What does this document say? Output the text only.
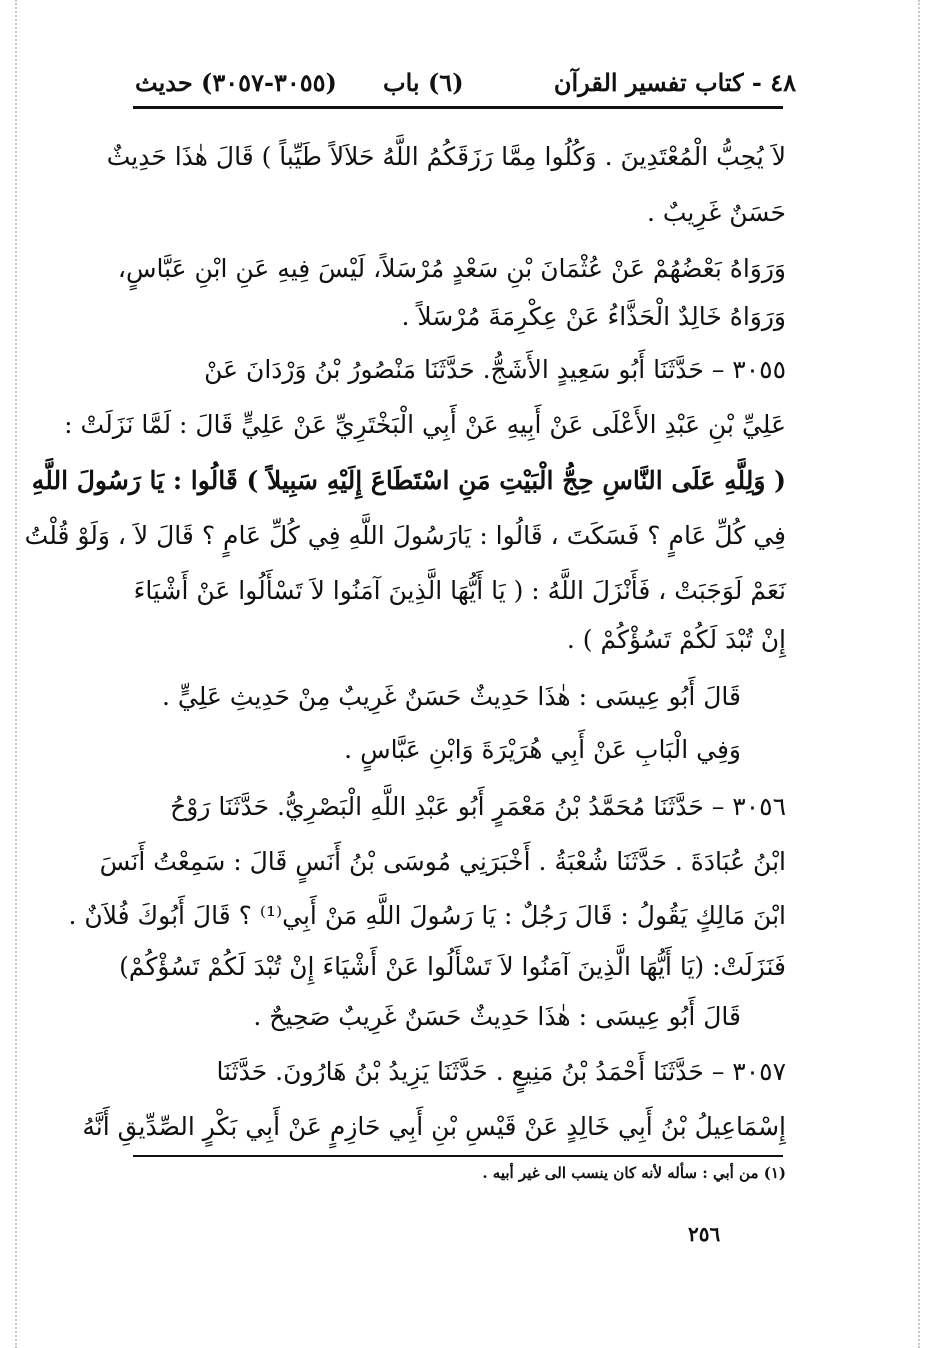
٤٨ - كتاب تفسير القرآن
(٦) باب
(٣٠٥٥-٣٠٥٧) حديث
لاَ يُحِبُّ الْمُعْتَدِينَ . وَكُلُوا مِمَّا رَزَقَكُمُ اللَّهُ حَلاَلاً طَيِّباً ) قَالَ هٰذَا حَدِيثٌ
حَسَنٌ غَرِيبٌ .
وَرَوَاهُ بَعْضُهُمْ عَنْ عُثْمَانَ بْنِ سَعْدٍ مُرْسَلاً، لَيْسَ فِيهِ عَنِ ابْنِ عَبَّاسٍ،
وَرَوَاهُ خَالِدٌ الْحَذَّاءُ عَنْ عِكْرِمَةَ مُرْسَلاً .
٣٠٥٥ – حَدَّثَنَا أَبُو سَعِيدٍ الأَشَجُّ. حَدَّثَنَا مَنْصُورُ بْنُ وَرْدَانَ عَنْ
عَلِيِّ بْنِ عَبْدِ الأَعْلَى عَنْ أَبِيهِ عَنْ أَبِي الْبَخْتَرِيِّ عَنْ عَلِيٍّ قَالَ : لَمَّا نَزَلَتْ :
( وَلِلَّهِ عَلَى النَّاسِ حِجُّ الْبَيْتِ مَنِ اسْتَطَاعَ إِلَيْهِ سَبِيلاً ) قَالُوا : يَا رَسُولَ اللَّهِ
فِي كُلِّ عَامٍ ؟ فَسَكَتَ ، قَالُوا : يَارَسُولَ اللَّهِ فِي كُلِّ عَامٍ ؟ قَالَ لاَ ، وَلَوْ قُلْتُ
نَعَمْ لَوَجَبَتْ ، فَأَنْزَلَ اللَّهُ : ( يَا أَيُّهَا الَّذِينَ آمَنُوا لاَ تَسْأَلُوا عَنْ أَشْيَاءَ
إِنْ تُبْدَ لَكُمْ تَسُؤْكُمْ ) .
قَالَ أَبُو عِيسَى : هٰذَا حَدِيثٌ حَسَنٌ غَرِيبٌ مِنْ حَدِيثِ عَلِيٍّ .
وَفِي الْبَابِ عَنْ أَبِي هُرَيْرَةَ وَابْنِ عَبَّاسٍ .
٣٠٥٦ – حَدَّثَنَا مُحَمَّدُ بْنُ مَعْمَرٍ أَبُو عَبْدِ اللَّهِ الْبَصْرِيُّ. حَدَّثَنَا رَوْحُ
ابْنُ عُبَادَةَ . حَدَّثَنَا شُعْبَةُ . أَخْبَرَنِي مُوسَى بْنُ أَنَسٍ قَالَ : سَمِعْتُ أَنَسَ
ابْنَ مَالِكٍ يَقُولُ : قَالَ رَجُلٌ : يَا رَسُولَ اللَّهِ مَنْ أَبِي⁽¹⁾ ؟ قَالَ أَبُوكَ فُلاَنٌ .
فَنَزَلَتْ: (يَا أَيُّهَا الَّذِينَ آمَنُوا لاَ تَسْأَلُوا عَنْ أَشْيَاءَ إِنْ تُبْدَ لَكُمْ تَسُؤْكُمْ)
قَالَ أَبُو عِيسَى : هٰذَا حَدِيثٌ حَسَنٌ غَرِيبٌ صَحِيحٌ .
٣٠٥٧ – حَدَّثَنَا أَحْمَدُ بْنُ مَنِيعٍ . حَدَّثَنَا يَزِيدُ بْنُ هَارُونَ. حَدَّثَنَا
إِسْمَاعِيلُ بْنُ أَبِي خَالِدٍ عَنْ قَيْسِ بْنِ أَبِي حَازِمٍ عَنْ أَبِي بَكْرٍ الصِّدِّيقِ أَنَّهُ
(١) من أبي : سأله لأنه كان ينسب الى غير أبيه .
٢٥٦
